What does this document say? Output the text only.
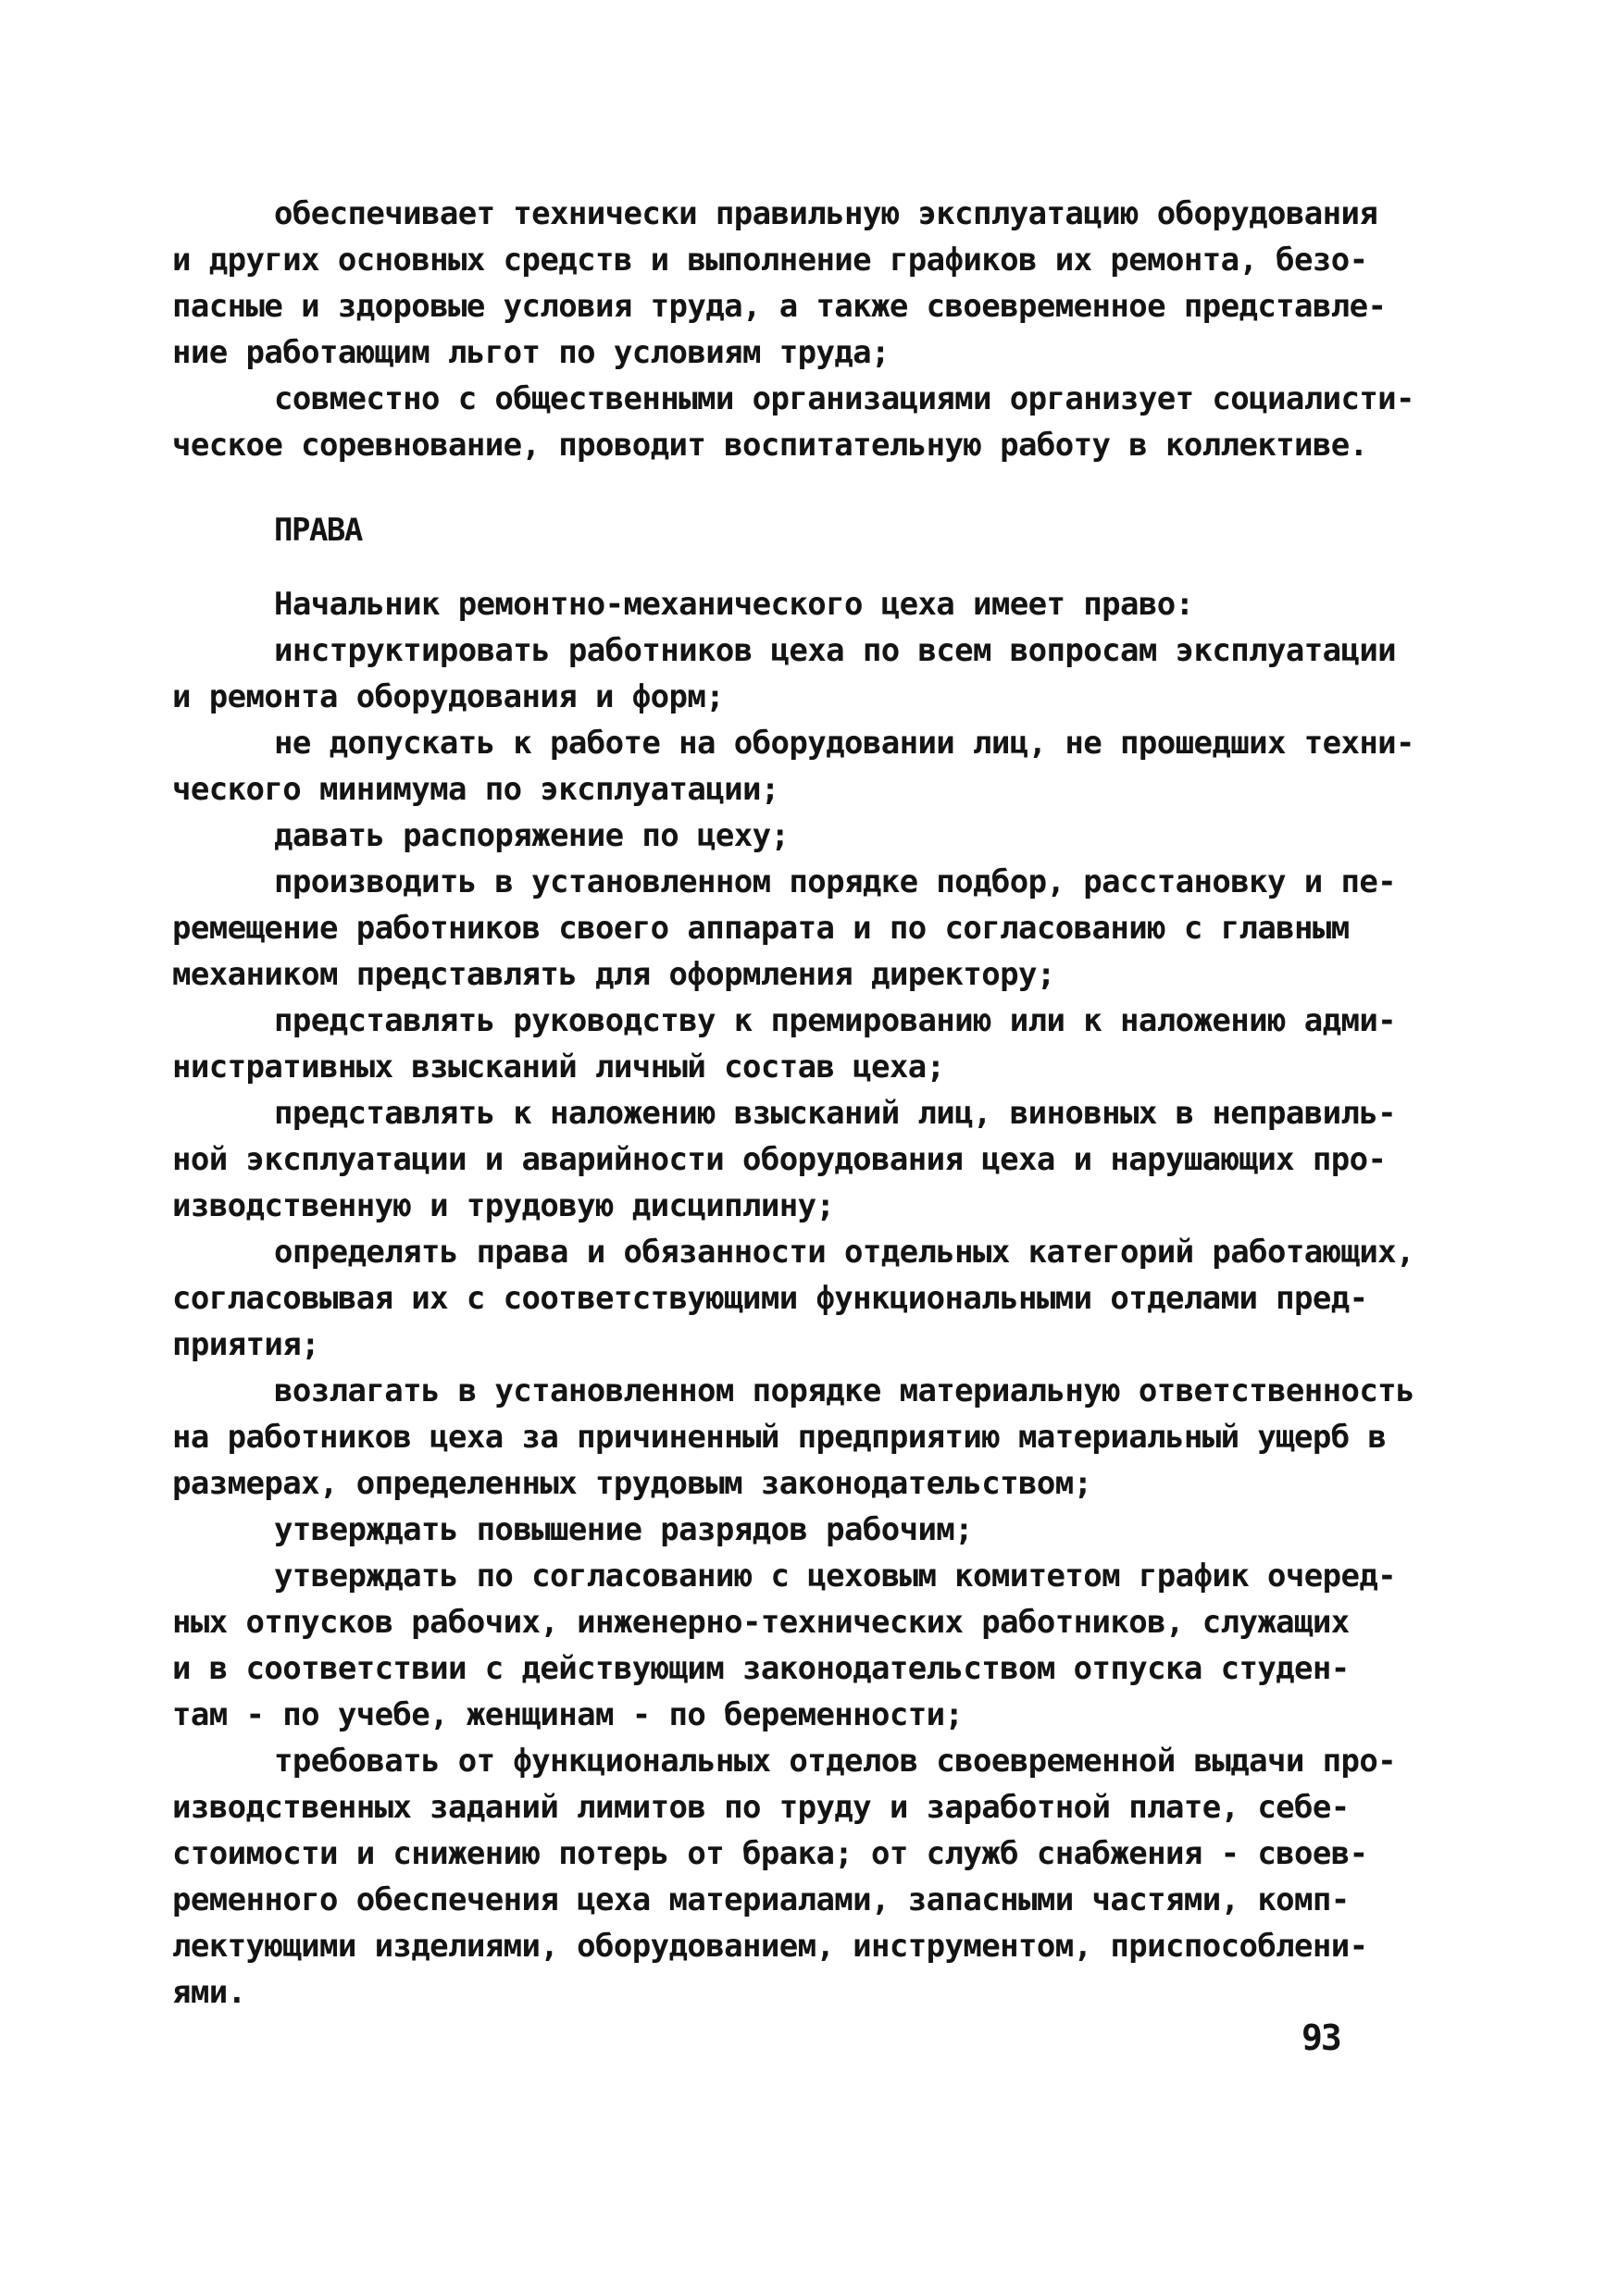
обеспечивает технически правильную эксплуатацию оборудования
и других основных средств и выполнение графиков их ремонта, безо-
пасные и здоровые условия труда, а также своевременное представле-
ние работающим льгот по условиям труда;
совместно с общественными организациями организует социалисти-
ческое соревнование, проводит воспитательную работу в коллективе.
ПРАВА
Начальник ремонтно-механического цеха имеет право:
инструктировать работников цеха по всем вопросам эксплуатации
и ремонта оборудования и форм;
не допускать к работе на оборудовании лиц, не прошедших техни-
ческого минимума по эксплуатации;
давать распоряжение по цеху;
производить в установленном порядке подбор, расстановку и пе-
ремещение работников своего аппарата и по согласованию с главным
механиком представлять для оформления директору;
представлять руководству к премированию или к наложению адми-
нистративных взысканий личный состав цеха;
представлять к наложению взысканий лиц, виновных в неправиль-
ной эксплуатации и аварийности оборудования цеха и нарушающих про-
изводственную и трудовую дисциплину;
определять права и обязанности отдельных категорий работающих,
согласовывая их с соответствующими функциональными отделами пред-
приятия;
возлагать в установленном порядке материальную ответственность
на работников цеха за причиненный предприятию материальный ущерб в
размерах, определенных трудовым законодательством;
утверждать повышение разрядов рабочим;
утверждать по согласованию с цеховым комитетом график очеред-
ных отпусков рабочих, инженерно-технических работников, служащих
и в соответствии с действующим законодательством отпуска студен-
там - по учебе, женщинам - по беременности;
требовать от функциональных отделов своевременной выдачи про-
изводственных заданий лимитов по труду и заработной плате, себе-
стоимости и снижению потерь от брака; от служб снабжения - своев-
ременного обеспечения цеха материалами, запасными частями, комп-
лектующими изделиями, оборудованием, инструментом, приспособлени-
ями.
93
